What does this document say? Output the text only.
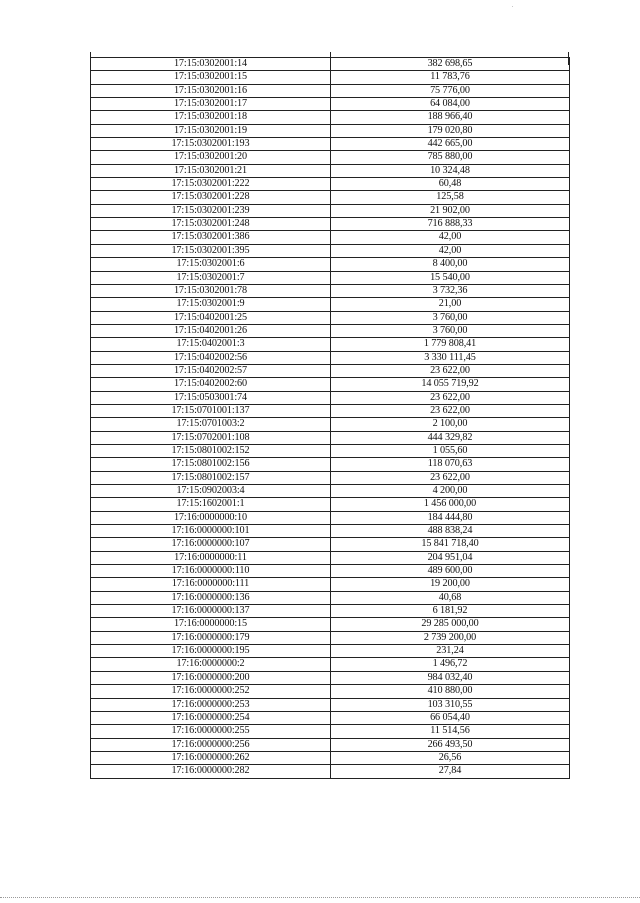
17:15:0302001:14	382 698,65
17:15:0302001:15	11 783,76
17:15:0302001:16	75 776,00
17:15:0302001:17	64 084,00
17:15:0302001:18	188 966,40
17:15:0302001:19	179 020,80
17:15:0302001:193	442 665,00
17:15:0302001:20	785 880,00
17:15:0302001:21	10 324,48
17:15:0302001:222	60,48
17:15:0302001:228	125,58
17:15:0302001:239	21 902,00
17:15:0302001:248	716 888,33
17:15:0302001:386	42,00
17:15:0302001:395	42,00
17:15:0302001:6	8 400,00
17:15:0302001:7	15 540,00
17:15:0302001:78	3 732,36
17:15:0302001:9	21,00
17:15:0402001:25	3 760,00
17:15:0402001:26	3 760,00
17:15:0402001:3	1 779 808,41
17:15:0402002:56	3 330 111,45
17:15:0402002:57	23 622,00
17:15:0402002:60	14 055 719,92
17:15:0503001:74	23 622,00
17:15:0701001:137	23 622,00
17:15:0701003:2	2 100,00
17:15:0702001:108	444 329,82
17:15:0801002:152	1 055,60
17:15:0801002:156	118 070,63
17:15:0801002:157	23 622,00
17:15:0902003:4	4 200,00
17:15:1602001:1	1 456 000,00
17:16:0000000:10	184 444,80
17:16:0000000:101	488 838,24
17:16:0000000:107	15 841 718,40
17:16:0000000:11	204 951,04
17:16:0000000:110	489 600,00
17:16:0000000:111	19 200,00
17:16:0000000:136	40,68
17:16:0000000:137	6 181,92
17:16:0000000:15	29 285 000,00
17:16:0000000:179	2 739 200,00
17:16:0000000:195	231,24
17:16:0000000:2	1 496,72
17:16:0000000:200	984 032,40
17:16:0000000:252	410 880,00
17:16:0000000:253	103 310,55
17:16:0000000:254	66 054,40
17:16:0000000:255	11 514,56
17:16:0000000:256	266 493,50
17:16:0000000:262	26,56
17:16:0000000:282	27,84
